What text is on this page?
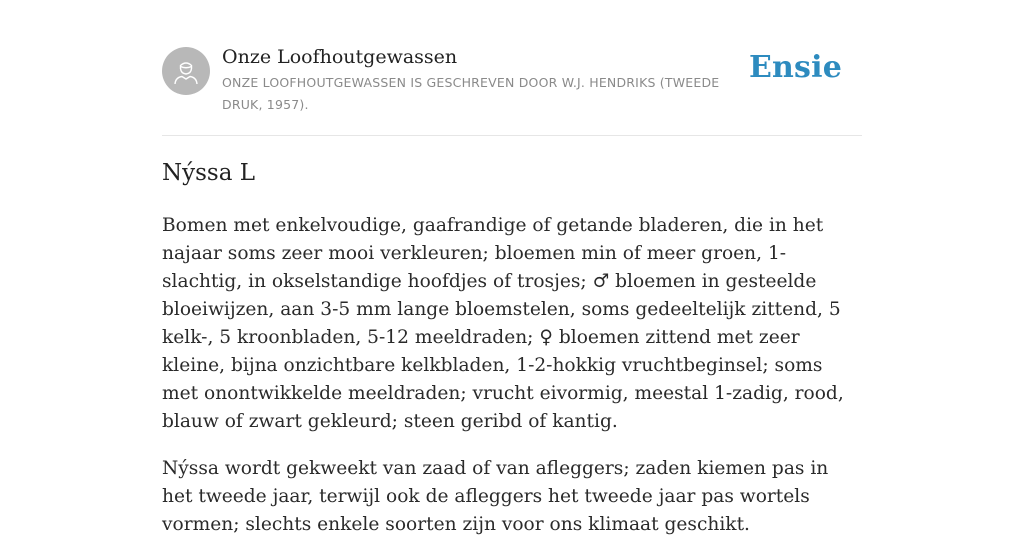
Onze Loofhoutgewassen
ONZE LOOFHOUTGEWASSEN IS GESCHREVEN DOOR W.J. HENDRIKS (TWEEDE DRUK, 1957).
Ensie
Nýssa L

Bomen met enkelvoudige, gaafrandige of getande bladeren, die in het najaar soms zeer mooi verkleuren; bloemen min of meer groen, 1-slachtig, in okselstandige hoofdjes of trosjes; ♂ bloemen in gesteelde bloeiwijzen, aan 3-5 mm lange bloemstelen, soms gedeeltelijk zittend, 5 kelk-, 5 kroonbladen, 5-12 meeldraden; ♀ bloemen zittend met zeer kleine, bijna onzichtbare kelkbladen, 1-2-hokkig vruchtbeginsel; soms met onontwikkelde meeldraden; vrucht eivormig, meestal 1-zadig, rood, blauw of zwart gekleurd; steen geribd of kantig.

Nýssa wordt gekweekt van zaad of van afleggers; zaden kiemen pas in het tweede jaar, terwijl ook de afleggers het tweede jaar pas wortels vormen; slechts enkele soorten zijn voor ons klimaat geschikt.
